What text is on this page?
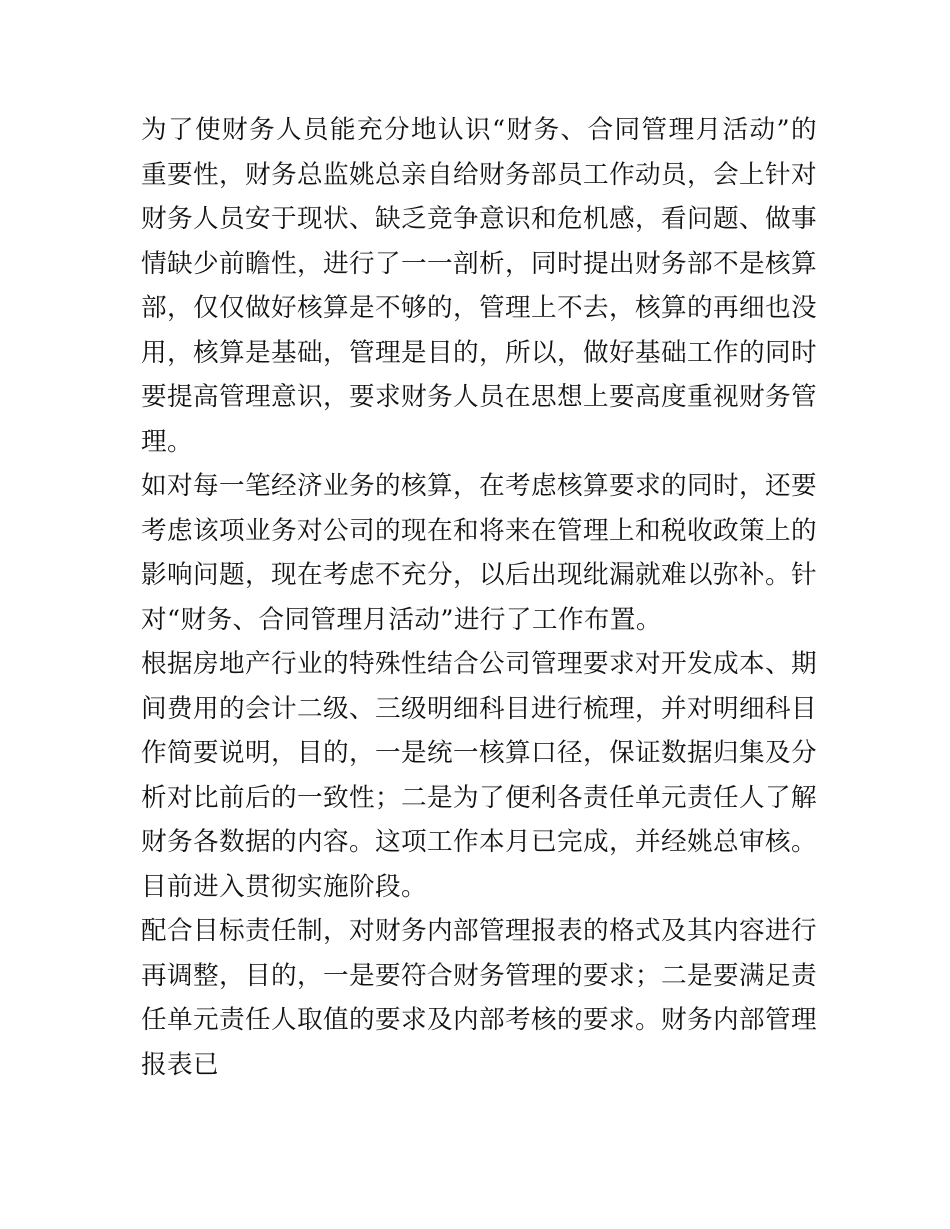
为了使财务人员能充分地认识“财务、合同管理月活动”的重要性，财务总监姚总亲自给财务部员工作动员，会上针对财务人员安于现状、缺乏竞争意识和危机感，看问题、做事情缺少前瞻性，进行了一一剖析，同时提出财务部不是核算部，仅仅做好核算是不够的，管理上不去，核算的再细也没用，核算是基础，管理是目的，所以，做好基础工作的同时要提高管理意识，要求财务人员在思想上要高度重视财务管理。

如对每一笔经济业务的核算，在考虑核算要求的同时，还要考虑该项业务对公司的现在和将来在管理上和税收政策上的影响问题，现在考虑不充分，以后出现纰漏就难以弥补。针对“财务、合同管理月活动”进行了工作布置。

根据房地产行业的特殊性结合公司管理要求对开发成本、期间费用的会计二级、三级明细科目进行梳理，并对明细科目作简要说明，目的，一是统一核算口径，保证数据归集及分析对比前后的一致性；二是为了便利各责任单元责任人了解财务各数据的内容。这项工作本月已完成，并经姚总审核。目前进入贯彻实施阶段。

配合目标责任制，对财务内部管理报表的格式及其内容进行再调整，目的，一是要符合财务管理的要求；二是要满足责任单元责任人取值的要求及内部考核的要求。财务内部管理报表已
